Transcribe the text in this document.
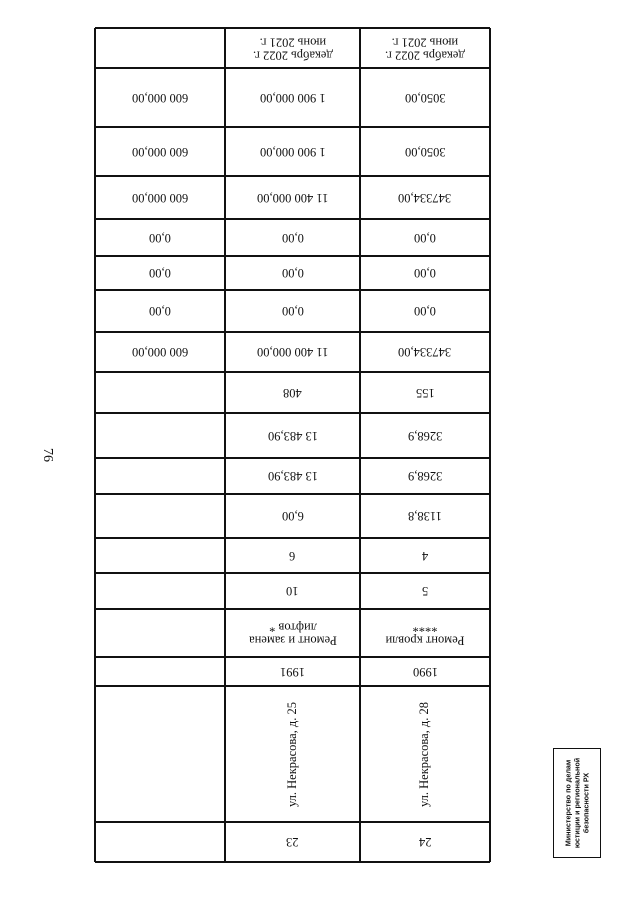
76
декабрь 2022 г.
июнь 2021 г.
3050,00
3050,00
347334,00
0,00
0,00
0,00
347334,00
155
3268,9
3268,9
1138,8
4
5
Ремонт кровли ****
1990
ул. Некрасова, д. 28
24
декабрь 2022 г.
июнь 2021 г.
1 900 000,00
1 900 000,00
11 400 000,00
0,00
0,00
0,00
11 400 000,00
408
13 483,90
13 483,90
6,00
6
10
Ремонт и замена лифтов *
1991
ул. Некрасова, д. 25
23
600 000,00
600 000,00
600 000,00
0,00
0,00
0,00
600 000,00
Министерство по делам юстиции и региональной безопасности РХ
